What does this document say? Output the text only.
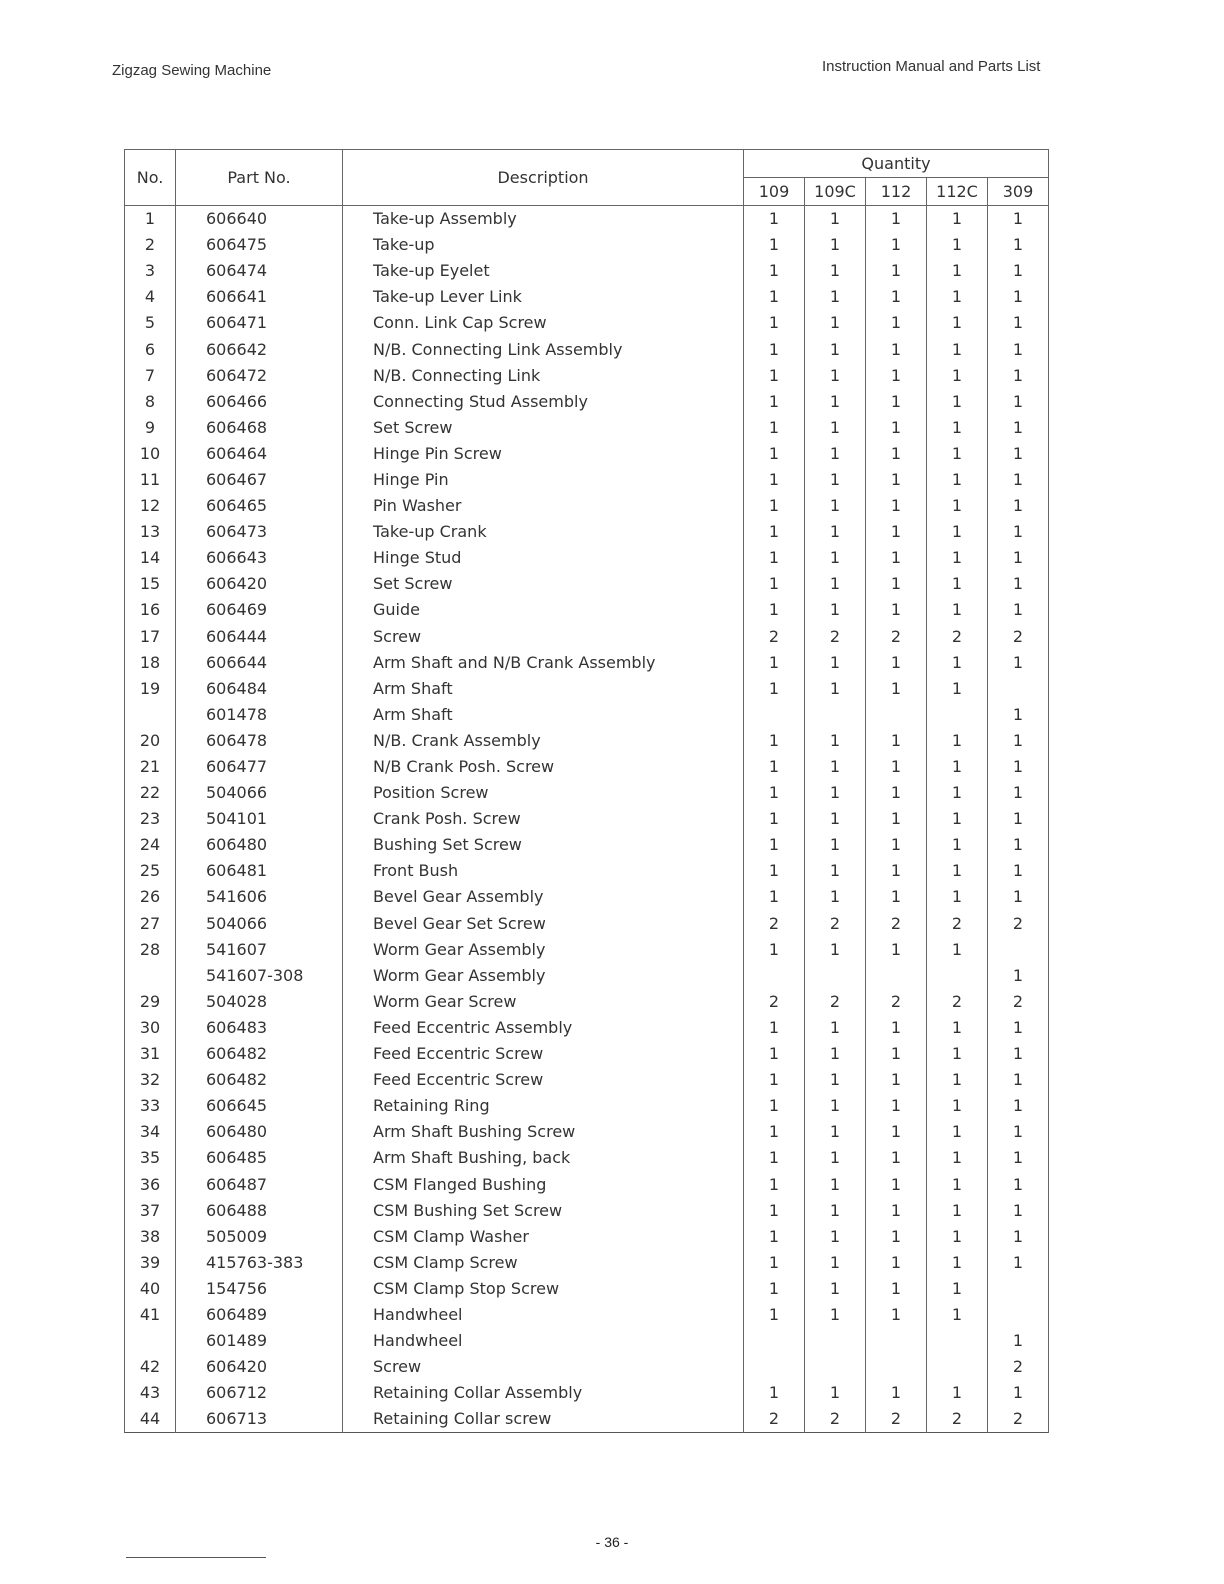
Zigzag Sewing Machine	Instruction Manual and Parts List
No.	Part No.	Description	Quantity				
			109	109C	112	112C	309
1	606640	Take-up Assembly	1	1	1	1	1
2	606475	Take-up	1	1	1	1	1
3	606474	Take-up Eyelet	1	1	1	1	1
4	606641	Take-up Lever Link	1	1	1	1	1
5	606471	Conn. Link Cap Screw	1	1	1	1	1
6	606642	N/B. Connecting Link Assembly	1	1	1	1	1
7	606472	N/B. Connecting Link	1	1	1	1	1
8	606466	Connecting Stud Assembly	1	1	1	1	1
9	606468	Set Screw	1	1	1	1	1
10	606464	Hinge Pin Screw	1	1	1	1	1
11	606467	Hinge Pin	1	1	1	1	1
12	606465	Pin Washer	1	1	1	1	1
13	606473	Take-up Crank	1	1	1	1	1
14	606643	Hinge Stud	1	1	1	1	1
15	606420	Set Screw	1	1	1	1	1
16	606469	Guide	1	1	1	1	1
17	606444	Screw	2	2	2	2	2
18	606644	Arm Shaft and N/B Crank Assembly	1	1	1	1	1
19	606484	Arm Shaft	1	1	1	1	
	601478	Arm Shaft					1
20	606478	N/B. Crank Assembly	1	1	1	1	1
21	606477	N/B Crank Posh. Screw	1	1	1	1	1
22	504066	Position Screw	1	1	1	1	1
23	504101	Crank Posh. Screw	1	1	1	1	1
24	606480	Bushing Set Screw	1	1	1	1	1
25	606481	Front Bush	1	1	1	1	1
26	541606	Bevel Gear Assembly	1	1	1	1	1
27	504066	Bevel Gear Set Screw	2	2	2	2	2
28	541607	Worm Gear Assembly	1	1	1	1	
	541607-308	Worm Gear Assembly					1
29	504028	Worm Gear Screw	2	2	2	2	2
30	606483	Feed Eccentric Assembly	1	1	1	1	1
31	606482	Feed Eccentric Screw	1	1	1	1	1
32	606482	Feed Eccentric Screw	1	1	1	1	1
33	606645	Retaining Ring	1	1	1	1	1
34	606480	Arm Shaft Bushing Screw	1	1	1	1	1
35	606485	Arm Shaft Bushing, back	1	1	1	1	1
36	606487	CSM Flanged Bushing	1	1	1	1	1
37	606488	CSM Bushing Set Screw	1	1	1	1	1
38	505009	CSM Clamp Washer	1	1	1	1	1
39	415763-383	CSM Clamp Screw	1	1	1	1	1
40	154756	CSM Clamp Stop Screw	1	1	1	1	
41	606489	Handwheel	1	1	1	1	
	601489	Handwheel					1
42	606420	Screw					2
43	606712	Retaining Collar Assembly	1	1	1	1	1
44	606713	Retaining Collar screw	2	2	2	2	2
- 36 -
